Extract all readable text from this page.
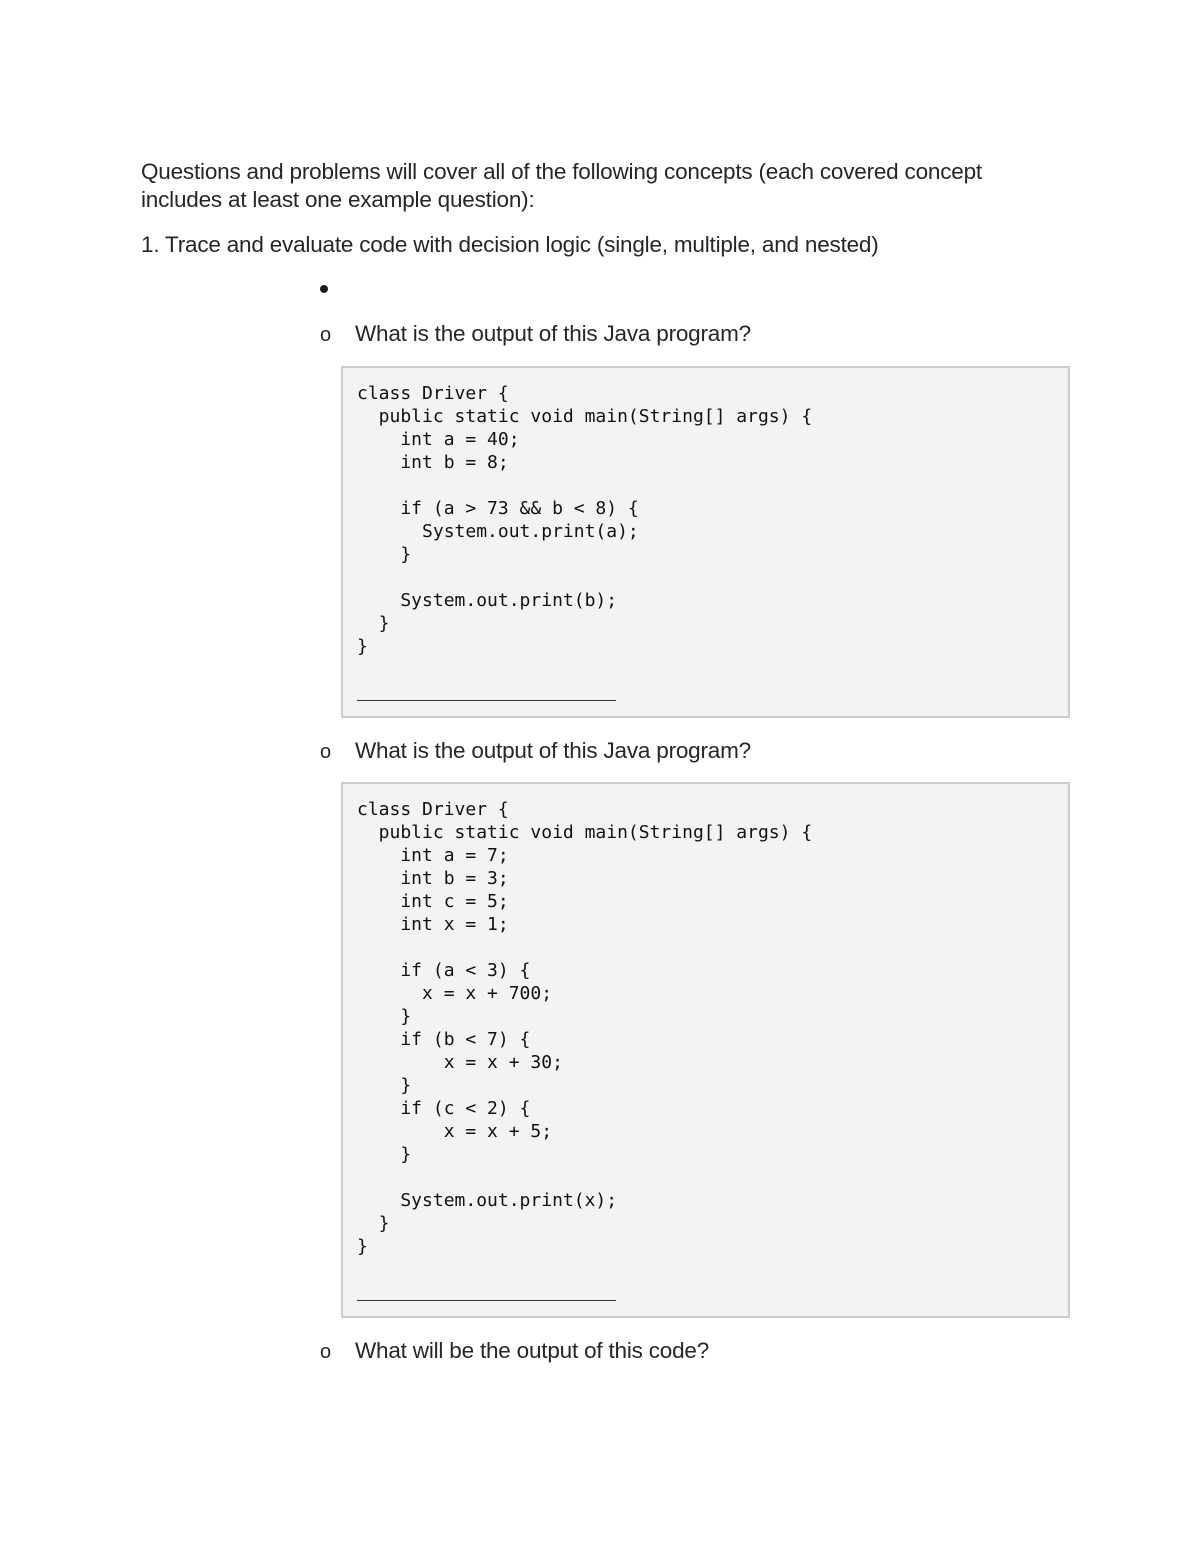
Questions and problems will cover all of the following concepts (each covered concept includes at least one example question):
1. Trace and evaluate code with decision logic (single, multiple, and nested)
o What is the output of this Java program?
class Driver {
public static void main(String[] args) {
int a = 40;
int b = 8;

if (a > 73 && b < 8) {
System.out.print(a);
}

System.out.print(b);
}
}
o What is the output of this Java program?
class Driver {
public static void main(String[] args) {
int a = 7;
int b = 3;
int c = 5;
int x = 1;

if (a < 3) {
x = x + 700;
}
if (b < 7) {
x = x + 30;
}
if (c < 2) {
x = x + 5;
}

System.out.print(x);
}
}
o What will be the output of this code?
